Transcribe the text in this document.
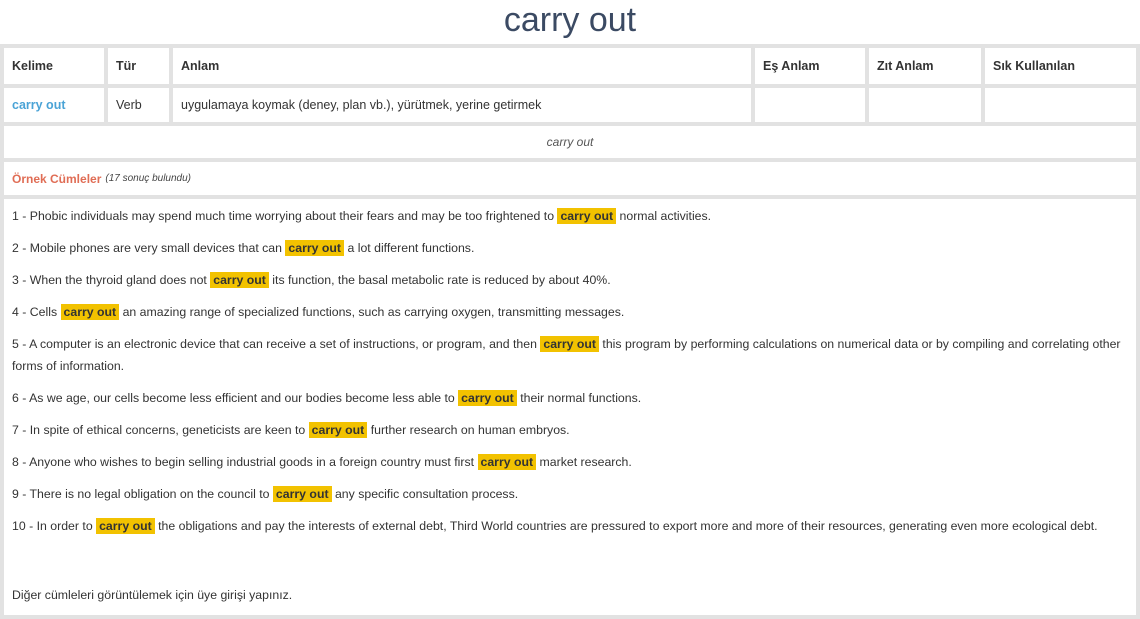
carry out
Kelime	Tür	Anlam	Eş Anlam	Zıt Anlam	Sık Kullanılan
carry out	Verb	uygulamaya koymak (deney, plan vb.), yürütmek, yerine getirmek
carry out
Örnek Cümleler (17 sonuç bulundu)
1 - Phobic individuals may spend much time worrying about their fears and may be too frightened to carry out normal activities.
2 - Mobile phones are very small devices that can carry out a lot different functions.
3 - When the thyroid gland does not carry out its function, the basal metabolic rate is reduced by about 40%.
4 - Cells carry out an amazing range of specialized functions, such as carrying oxygen, transmitting messages.
5 - A computer is an electronic device that can receive a set of instructions, or program, and then carry out this program by performing calculations on numerical data or by compiling and correlating other forms of information.
6 - As we age, our cells become less efficient and our bodies become less able to carry out their normal functions.
7 - In spite of ethical concerns, geneticists are keen to carry out further research on human embryos.
8 - Anyone who wishes to begin selling industrial goods in a foreign country must first carry out market research.
9 - There is no legal obligation on the council to carry out any specific consultation process.
10 - In order to carry out the obligations and pay the interests of external debt, Third World countries are pressured to export more and more of their resources, generating even more ecological debt.
Diğer cümleleri görüntülemek için üye girişi yapınız.
